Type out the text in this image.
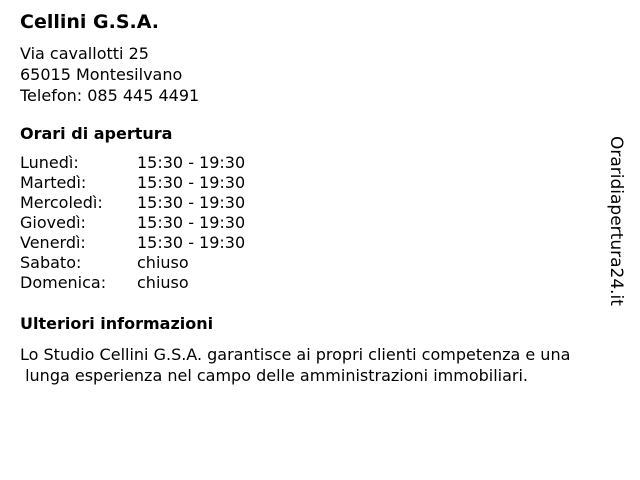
Cellini G.S.A.
Via cavallotti 25
65015 Montesilvano
Telefon: 085 445 4491
Orari di apertura
Lunedì:	15:30 - 19:30
Martedì:	15:30 - 19:30
Mercoledì:	15:30 - 19:30
Giovedì:	15:30 - 19:30
Venerdì:	15:30 - 19:30
Sabato:	chiuso
Domenica:	chiuso
Ulteriori informazioni
Lo Studio Cellini G.S.A. garantisce ai propri clienti competenza e una
lunga esperienza nel campo delle amministrazioni immobiliari.
Oraridiapertura24.it
